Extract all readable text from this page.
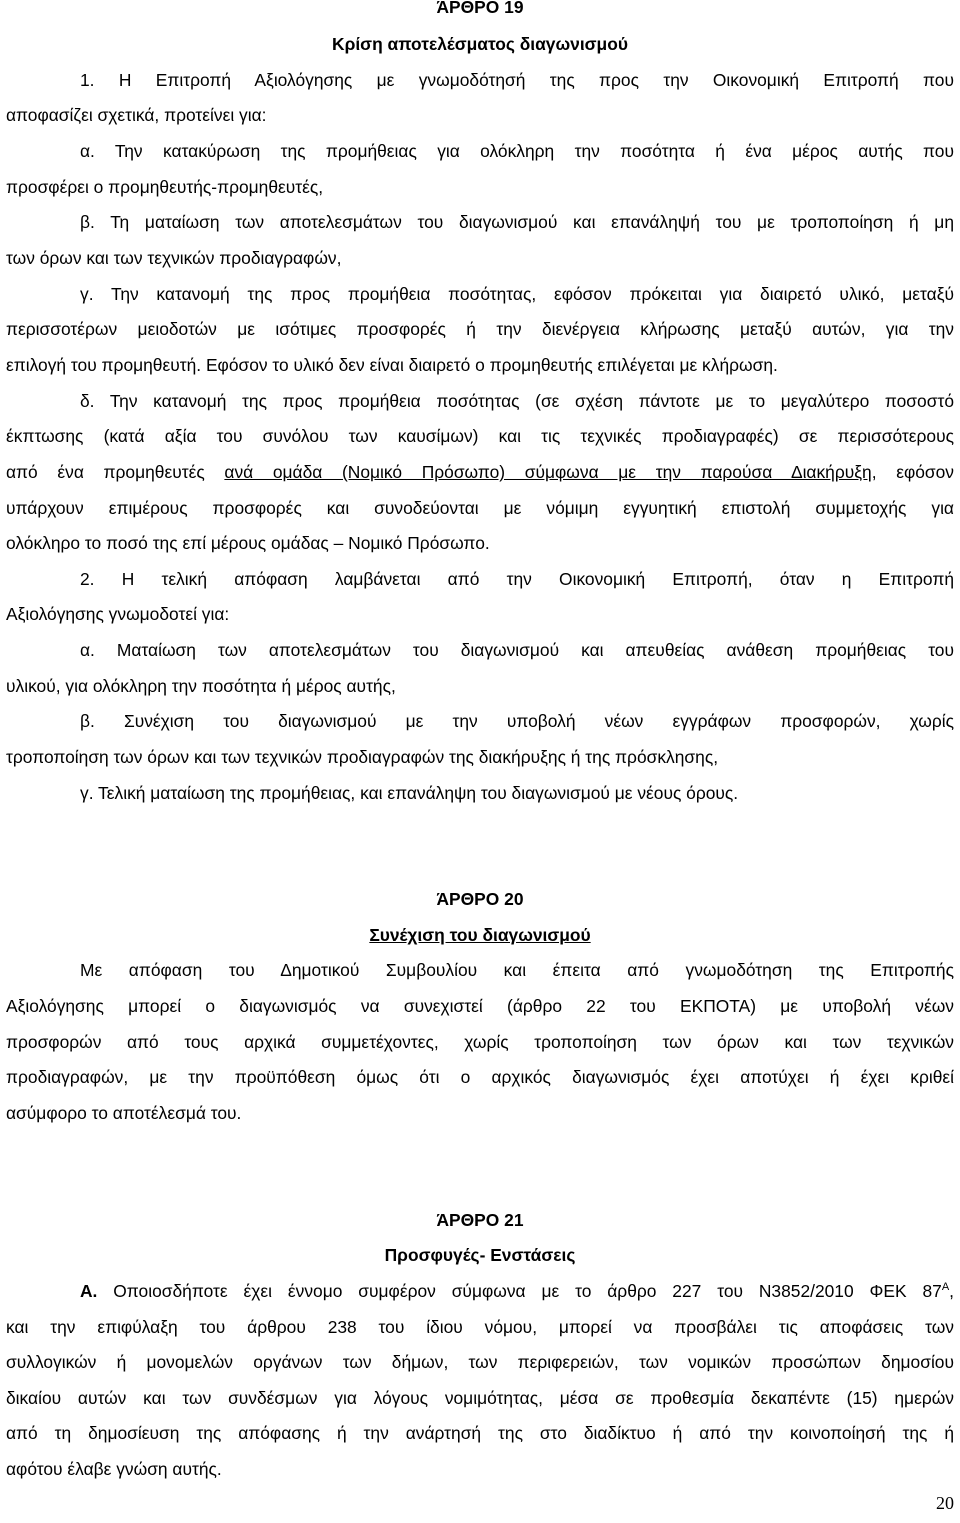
ΆΡΘΡΟ 19
Κρίση αποτελέσματος διαγωνισμού
1. Η Επιτροπή Αξιολόγησης με γνωμοδότησή της προς την Οικονομική Επιτροπή που
αποφασίζει σχετικά, προτείνει για:
α. Την κατακύρωση της προμήθειας για ολόκληρη την ποσότητα ή ένα μέρος αυτής που
προσφέρει ο προμηθευτής-προμηθευτές,
β. Τη ματαίωση των αποτελεσμάτων του διαγωνισμού και επανάληψή του με τροποποίηση ή μη
των όρων και των τεχνικών προδιαγραφών,
γ. Την κατανομή της προς προμήθεια ποσότητας, εφόσον πρόκειται για διαιρετό υλικό, μεταξύ
περισσοτέρων μειοδοτών με ισότιμες προσφορές ή την διενέργεια κλήρωσης μεταξύ αυτών, για την
επιλογή του προμηθευτή. Εφόσον το υλικό δεν είναι διαιρετό ο προμηθευτής επιλέγεται με κλήρωση.
δ. Την κατανομή της προς προμήθεια ποσότητας (σε σχέση πάντοτε με το μεγαλύτερο ποσοστό
έκπτωσης (κατά αξία του συνόλου των καυσίμων) και τις τεχνικές προδιαγραφές) σε περισσότερους
από ένα προμηθευτές ανά ομάδα (Νομικό Πρόσωπο) σύμφωνα με την παρούσα Διακήρυξη, εφόσον
υπάρχουν επιμέρους προσφορές και συνοδεύονται με νόμιμη εγγυητική επιστολή συμμετοχής για
ολόκληρο το ποσό της επί μέρους ομάδας – Νομικό Πρόσωπο.
2. Η τελική απόφαση λαμβάνεται από την Οικονομική Επιτροπή, όταν η Επιτροπή
Αξιολόγησης γνωμοδοτεί για:
α. Ματαίωση των αποτελεσμάτων του διαγωνισμού και απευθείας ανάθεση προμήθειας του
υλικού, για ολόκληρη την ποσότητα ή μέρος αυτής,
β. Συνέχιση του διαγωνισμού με την υποβολή νέων εγγράφων προσφορών, χωρίς
τροποποίηση των όρων και των τεχνικών προδιαγραφών της διακήρυξης ή της πρόσκλησης,
γ. Τελική ματαίωση της προμήθειας, και επανάληψη του διαγωνισμού με νέους όρους.
ΆΡΘΡΟ 20
Συνέχιση του διαγωνισμού
Με απόφαση του Δημοτικού Συμβουλίου και έπειτα από γνωμοδότηση της Επιτροπής
Αξιολόγησης μπορεί ο διαγωνισμός να συνεχιστεί (άρθρο 22 του ΕΚΠΟΤΑ) με υποβολή νέων
προσφορών από τους αρχικά συμμετέχοντες, χωρίς τροποποίηση των όρων και των τεχνικών
προδιαγραφών, με την προϋπόθεση όμως ότι ο αρχικός διαγωνισμός έχει αποτύχει ή έχει κριθεί
ασύμφορο το αποτέλεσμά του.
ΆΡΘΡΟ 21
Προσφυγές- Ενστάσεις
Α. Οποιοσδήποτε έχει έννομο συμφέρον σύμφωνα με το άρθρο 227 του Ν3852/2010 ΦΕΚ $87^A$,
και την επιφύλαξη του άρθρου 238 του ίδιου νόμου, μπορεί να προσβάλει τις αποφάσεις των
συλλογικών ή μονομελών οργάνων των δήμων, των περιφερειών, των νομικών προσώπων δημοσίου
δικαίου αυτών και των συνδέσμων για λόγους νομιμότητας, μέσα σε προθεσμία δεκαπέντε (15) ημερών
από τη δημοσίευση της απόφασης ή την ανάρτησή της στο διαδίκτυο ή από την κοινοποίησή της ή
αφότου έλαβε γνώση αυτής.
20
